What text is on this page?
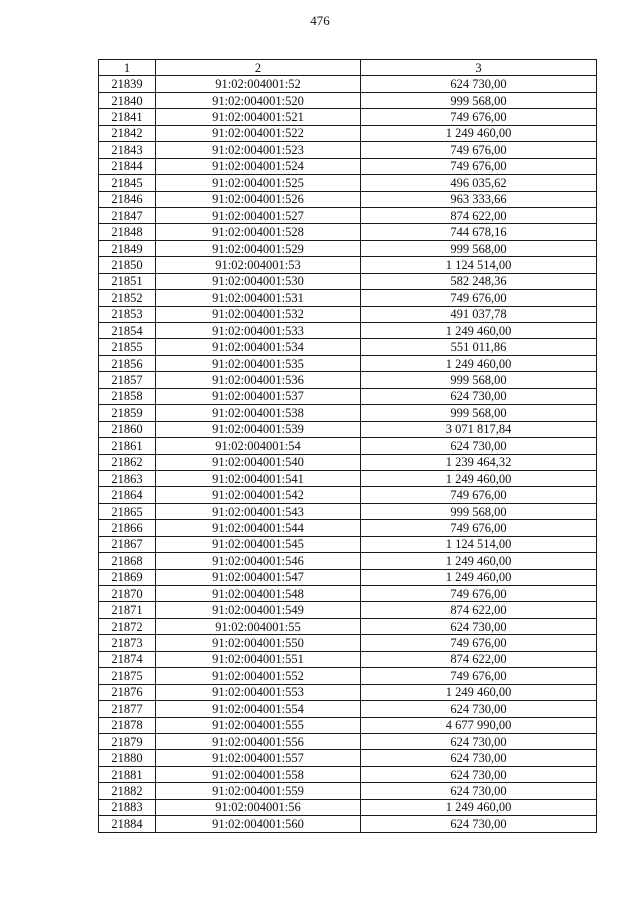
476
1	2	3
21839	91:02:004001:52	624 730,00
21840	91:02:004001:520	999 568,00
21841	91:02:004001:521	749 676,00
21842	91:02:004001:522	1 249 460,00
21843	91:02:004001:523	749 676,00
21844	91:02:004001:524	749 676,00
21845	91:02:004001:525	496 035,62
21846	91:02:004001:526	963 333,66
21847	91:02:004001:527	874 622,00
21848	91:02:004001:528	744 678,16
21849	91:02:004001:529	999 568,00
21850	91:02:004001:53	1 124 514,00
21851	91:02:004001:530	582 248,36
21852	91:02:004001:531	749 676,00
21853	91:02:004001:532	491 037,78
21854	91:02:004001:533	1 249 460,00
21855	91:02:004001:534	551 011,86
21856	91:02:004001:535	1 249 460,00
21857	91:02:004001:536	999 568,00
21858	91:02:004001:537	624 730,00
21859	91:02:004001:538	999 568,00
21860	91:02:004001:539	3 071 817,84
21861	91:02:004001:54	624 730,00
21862	91:02:004001:540	1 239 464,32
21863	91:02:004001:541	1 249 460,00
21864	91:02:004001:542	749 676,00
21865	91:02:004001:543	999 568,00
21866	91:02:004001:544	749 676,00
21867	91:02:004001:545	1 124 514,00
21868	91:02:004001:546	1 249 460,00
21869	91:02:004001:547	1 249 460,00
21870	91:02:004001:548	749 676,00
21871	91:02:004001:549	874 622,00
21872	91:02:004001:55	624 730,00
21873	91:02:004001:550	749 676,00
21874	91:02:004001:551	874 622,00
21875	91:02:004001:552	749 676,00
21876	91:02:004001:553	1 249 460,00
21877	91:02:004001:554	624 730,00
21878	91:02:004001:555	4 677 990,00
21879	91:02:004001:556	624 730,00
21880	91:02:004001:557	624 730,00
21881	91:02:004001:558	624 730,00
21882	91:02:004001:559	624 730,00
21883	91:02:004001:56	1 249 460,00
21884	91:02:004001:560	624 730,00
